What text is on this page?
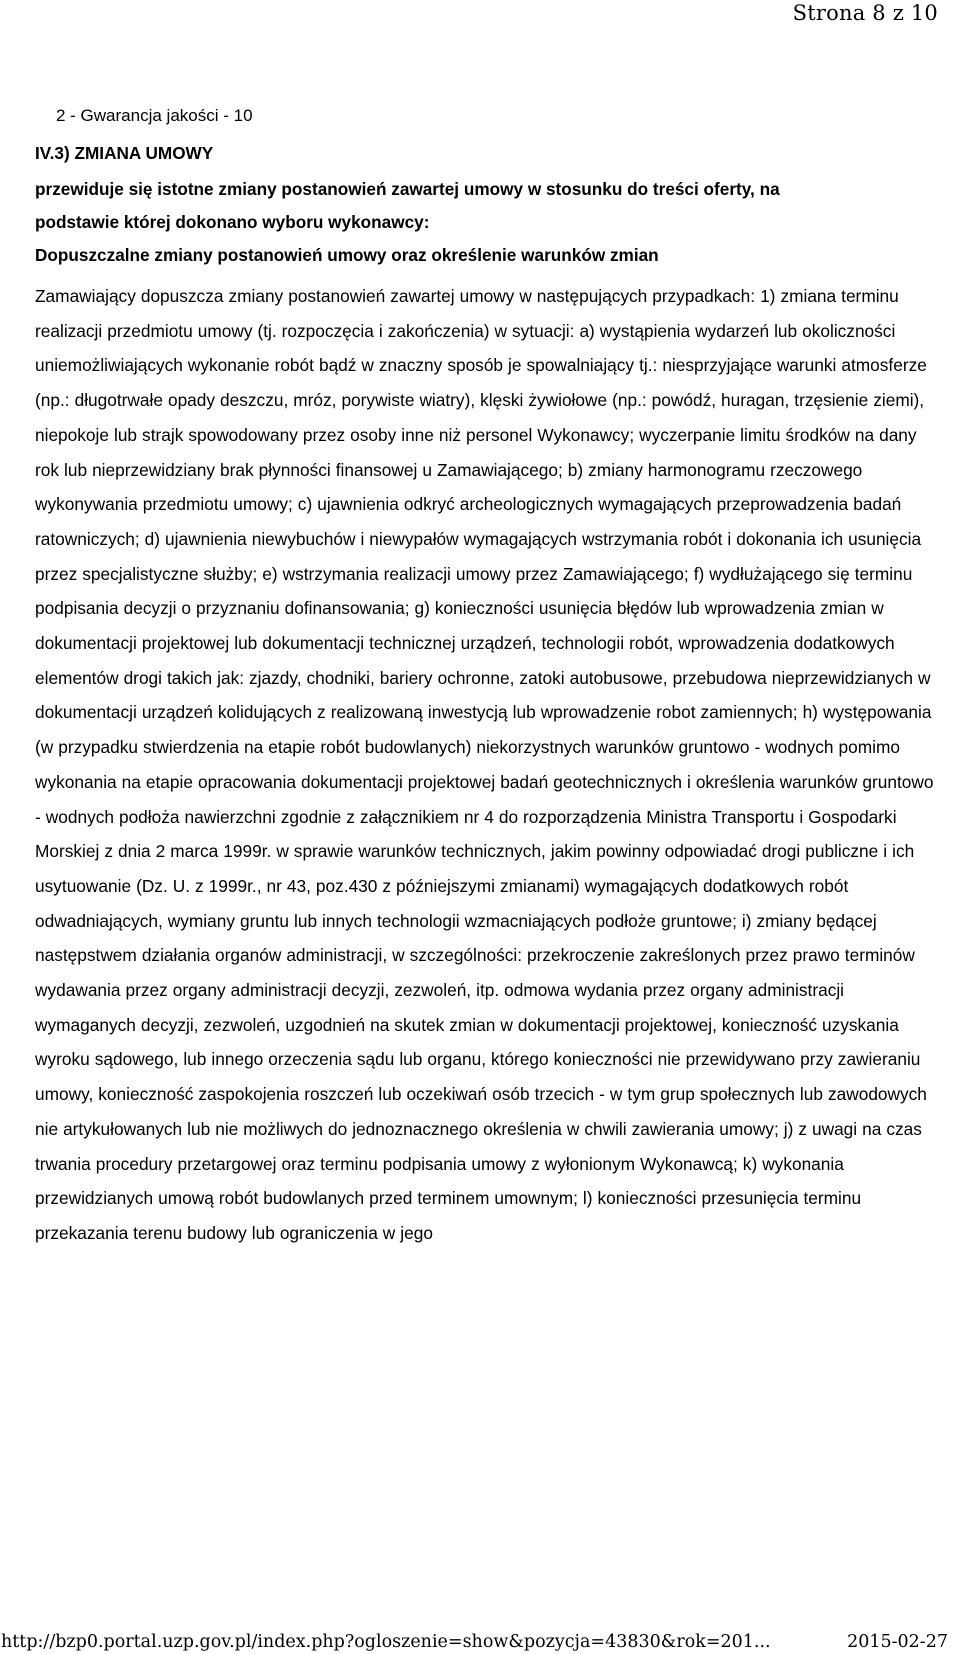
Strona 8 z 10

2 - Gwarancja jakości - 10

IV.3) ZMIANA UMOWY

przewiduje się istotne zmiany postanowień zawartej umowy w stosunku do treści oferty, na

podstawie której dokonano wyboru wykonawcy:

Dopuszczalne zmiany postanowień umowy oraz określenie warunków zmian

Zamawiający dopuszcza zmiany postanowień zawartej umowy w następujących przypadkach: 1) zmiana terminu realizacji przedmiotu umowy (tj. rozpoczęcia i zakończenia) w sytuacji: a) wystąpienia wydarzeń lub okoliczności uniemożliwiających wykonanie robót bądź w znaczny sposób je spowalniający tj.: niesprzyjające warunki atmosferze (np.: długotrwałe opady deszczu, mróz, porywiste wiatry), klęski żywiołowe (np.: powódź, huragan, trzęsienie ziemi), niepokoje lub strajk spowodowany przez osoby inne niż personel Wykonawcy; wyczerpanie limitu środków na dany rok lub nieprzewidziany brak płynności finansowej u Zamawiającego; b) zmiany harmonogramu rzeczowego wykonywania przedmiotu umowy; c) ujawnienia odkryć archeologicznych wymagających przeprowadzenia badań ratowniczych; d) ujawnienia niewybuchów i niewypałów wymagających wstrzymania robót i dokonania ich usunięcia przez specjalistyczne służby; e) wstrzymania realizacji umowy przez Zamawiającego; f) wydłużającego się terminu podpisania decyzji o przyznaniu dofinansowania; g) konieczności usunięcia błędów lub wprowadzenia zmian w dokumentacji projektowej lub dokumentacji technicznej urządzeń, technologii robót, wprowadzenia dodatkowych elementów drogi takich jak: zjazdy, chodniki, bariery ochronne, zatoki autobusowe, przebudowa nieprzewidzianych w dokumentacji urządzeń kolidujących z realizowaną inwestycją lub wprowadzenie robot zamiennych; h) występowania (w przypadku stwierdzenia na etapie robót budowlanych) niekorzystnych warunków gruntowo - wodnych pomimo wykonania na etapie opracowania dokumentacji projektowej badań geotechnicznych i określenia warunków gruntowo - wodnych podłoża nawierzchni zgodnie z załącznikiem nr 4 do rozporządzenia Ministra Transportu i Gospodarki Morskiej z dnia 2 marca 1999r. w sprawie warunków technicznych, jakim powinny odpowiadać drogi publiczne i ich usytuowanie (Dz. U. z 1999r., nr 43, poz.430 z późniejszymi zmianami) wymagających dodatkowych robót odwadniających, wymiany gruntu lub innych technologii wzmacniających podłoże gruntowe; i) zmiany będącej następstwem działania organów administracji, w szczególności: przekroczenie zakreślonych przez prawo terminów wydawania przez organy administracji decyzji, zezwoleń, itp. odmowa wydania przez organy administracji wymaganych decyzji, zezwoleń, uzgodnień na skutek zmian w dokumentacji projektowej, konieczność uzyskania wyroku sądowego, lub innego orzeczenia sądu lub organu, którego konieczności nie przewidywano przy zawieraniu umowy, konieczność zaspokojenia roszczeń lub oczekiwań osób trzecich - w tym grup społecznych lub zawodowych nie artykułowanych lub nie możliwych do jednoznacznego określenia w chwili zawierania umowy; j) z uwagi na czas trwania procedury przetargowej oraz terminu podpisania umowy z wyłonionym Wykonawcą; k) wykonania przewidzianych umową robót budowlanych przed terminem umownym; l) konieczności przesunięcia terminu przekazania terenu budowy lub ograniczenia w jego

http://bzp0.portal.uzp.gov.pl/index.php?ogloszenie=show&pozycja=43830&rok=201...	2015-02-27
